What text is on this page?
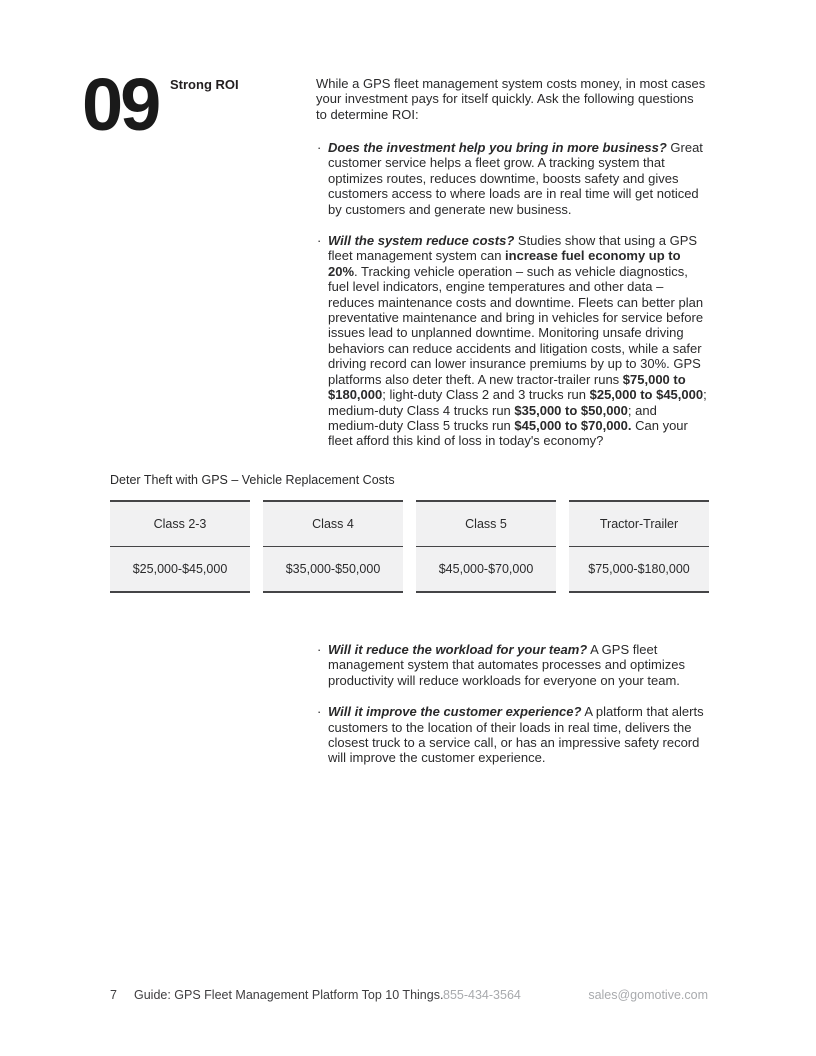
09 Strong ROI	While a GPS fleet management system costs money, in most cases your investment pays for itself quickly. Ask the following questions to determine ROI:

· Does the investment help you bring in more business? Great customer service helps a fleet grow. A tracking system that optimizes routes, reduces downtime, boosts safety and gives customers access to where loads are in real time will get noticed by customers and generate new business.

· Will the system reduce costs? Studies show that using a GPS fleet management system can increase fuel economy up to 20%. Tracking vehicle operation – such as vehicle diagnostics, fuel level indicators, engine temperatures and other data – reduces maintenance costs and downtime. Fleets can better plan preventative maintenance and bring in vehicles for service before issues lead to unplanned downtime. Monitoring unsafe driving behaviors can reduce accidents and litigation costs, while a safer driving record can lower insurance premiums by up to 30%. GPS platforms also deter theft. A new tractor-trailer runs $75,000 to $180,000; light-duty Class 2 and 3 trucks run $25,000 to $45,000; medium-duty Class 4 trucks run $35,000 to $50,000; and medium-duty Class 5 trucks run $45,000 to $70,000. Can your fleet afford this kind of loss in today's economy?

Deter Theft with GPS – Vehicle Replacement Costs
Class 2-3
$25,000-$45,000
Class 4
$35,000-$50,000
Class 5
$45,000-$70,000
Tractor-Trailer
$75,000-$180,000
· Will it reduce the workload for your team? A GPS fleet management system that automates processes and optimizes productivity will reduce workloads for everyone on your team.

· Will it improve the customer experience? A platform that alerts customers to the location of their loads in real time, delivers the closest truck to a service call, or has an impressive safety record will improve the customer experience.

7 Guide: GPS Fleet Management Platform Top 10 Things. 855-434-3564	sales@gomotive.com
